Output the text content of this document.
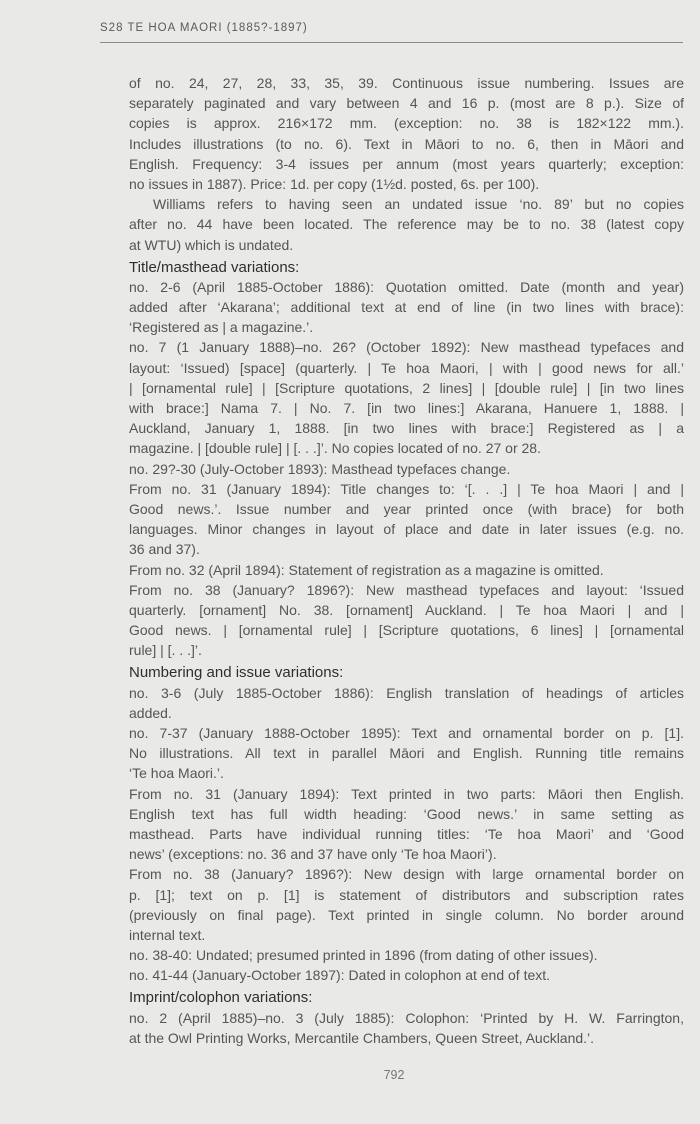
S28 TE HOA MAORI (1885?-1897)
of no. 24, 27, 28, 33, 35, 39. Continuous issue numbering. Issues are
separately paginated and vary between 4 and 16 p. (most are 8 p.). Size of
copies is approx. 216×172 mm. (exception: no. 38 is 182×122 mm.).
Includes illustrations (to no. 6). Text in Māori to no. 6, then in Māori and
English. Frequency: 3-4 issues per annum (most years quarterly; exception:
no issues in 1887). Price: 1d. per copy (1½d. posted, 6s. per 100).
Williams refers to having seen an undated issue ‘no. 89’ but no copies
after no. 44 have been located. The reference may be to no. 38 (latest copy
at WTU) which is undated.
Title/masthead variations:
no. 2-6 (April 1885-October 1886): Quotation omitted. Date (month and year)
added after ‘Akarana’; additional text at end of line (in two lines with brace):
‘Registered as | a magazine.’.
no. 7 (1 January 1888)–no. 26? (October 1892): New masthead typefaces and
layout: ‘Issued) [space] (quarterly. | Te hoa Maori, | with | good news for all.’
| [ornamental rule] | [Scripture quotations, 2 lines] | [double rule] | [in two lines
with brace:] Nama 7. | No. 7. [in two lines:] Akarana, Hanuere 1, 1888. |
Auckland, January 1, 1888. [in two lines with brace:] Registered as | a
magazine. | [double rule] | [. . .]’. No copies located of no. 27 or 28.
no. 29?-30 (July-October 1893): Masthead typefaces change.
From no. 31 (January 1894): Title changes to: ‘[. . .] | Te hoa Maori | and |
Good news.’. Issue number and year printed once (with brace) for both
languages. Minor changes in layout of place and date in later issues (e.g. no.
36 and 37).
From no. 32 (April 1894): Statement of registration as a magazine is omitted.
From no. 38 (January? 1896?): New masthead typefaces and layout: ‘Issued
quarterly. [ornament] No. 38. [ornament] Auckland. | Te hoa Maori | and |
Good news. | [ornamental rule] | [Scripture quotations, 6 lines] | [ornamental
rule] | [. . .]’.
Numbering and issue variations:
no. 3-6 (July 1885-October 1886): English translation of headings of articles
added.
no. 7-37 (January 1888-October 1895): Text and ornamental border on p. [1].
No illustrations. All text in parallel Māori and English. Running title remains
‘Te hoa Maori.’.
From no. 31 (January 1894): Text printed in two parts: Māori then English.
English text has full width heading: ‘Good news.’ in same setting as
masthead. Parts have individual running titles: ‘Te hoa Maori’ and ‘Good
news’ (exceptions: no. 36 and 37 have only ‘Te hoa Maori’).
From no. 38 (January? 1896?): New design with large ornamental border on
p. [1]; text on p. [1] is statement of distributors and subscription rates
(previously on final page). Text printed in single column. No border around
internal text.
no. 38-40: Undated; presumed printed in 1896 (from dating of other issues).
no. 41-44 (January-October 1897): Dated in colophon at end of text.
Imprint/colophon variations:
no. 2 (April 1885)–no. 3 (July 1885): Colophon: ‘Printed by H. W. Farrington,
at the Owl Printing Works, Mercantile Chambers, Queen Street, Auckland.’.
792
